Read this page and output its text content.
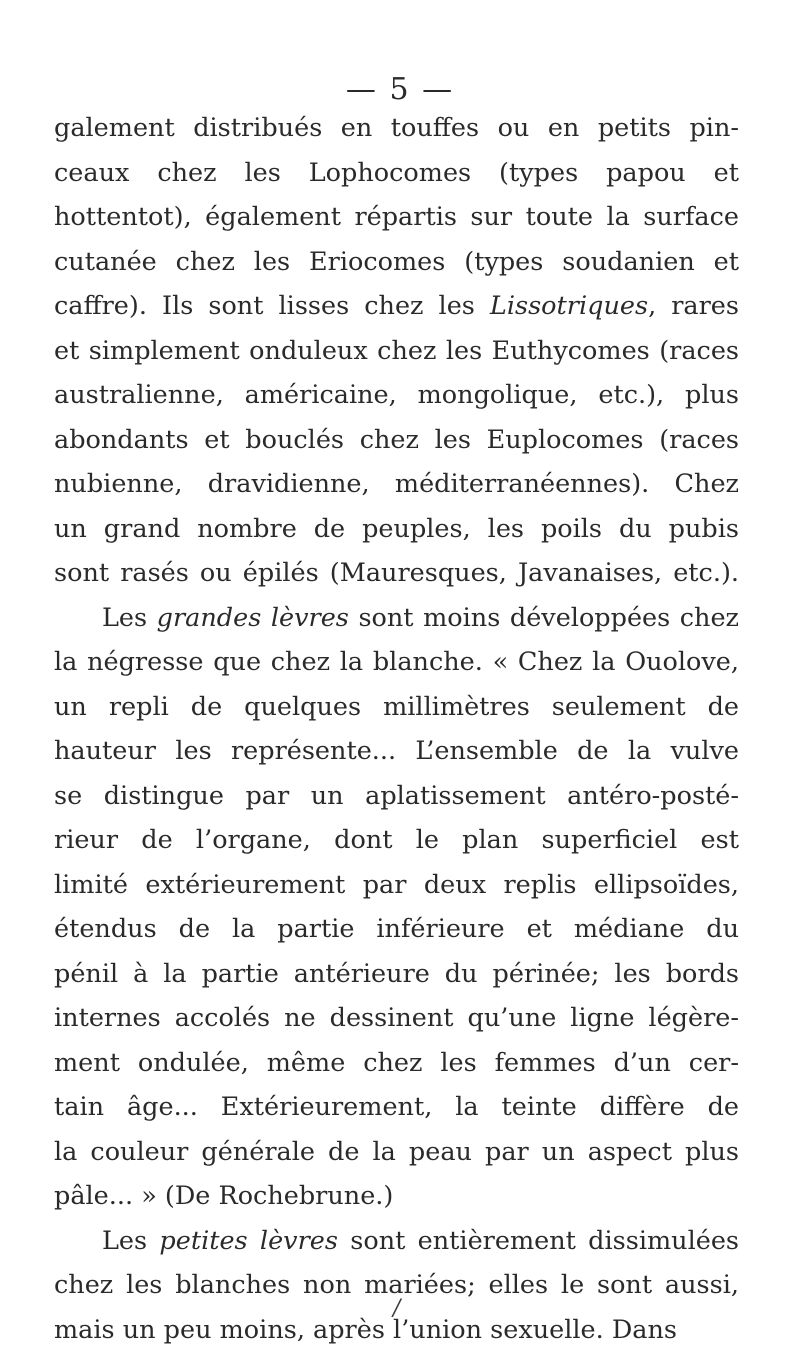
— 5 —
galement distribués en touffes ou en petits pin-
ceaux chez les Lophocomes (types papou et
hottentot), également répartis sur toute la surface
cutanée chez les Eriocomes (types soudanien et
caffre). Ils sont lisses chez les Lissotriques, rares
et simplement onduleux chez les Euthycomes (races
australienne, américaine, mongolique, etc.), plus
abondants et bouclés chez les Euplocomes (races
nubienne, dravidienne, méditerranéennes). Chez
un grand nombre de peuples, les poils du pubis
sont rasés ou épilés (Mauresques, Javanaises, etc.).
Les grandes lèvres sont moins développées chez
la négresse que chez la blanche. « Chez la Ouolove,
un repli de quelques millimètres seulement de
hauteur les représente... L’ensemble de la vulve
se distingue par un aplatissement antéro-posté-
rieur de l’organe, dont le plan superficiel est
limité extérieurement par deux replis ellipsoïdes,
étendus de la partie inférieure et médiane du
pénil à la partie antérieure du périnée; les bords
internes accolés ne dessinent qu’une ligne légère-
ment ondulée, même chez les femmes d’un cer-
tain âge... Extérieurement, la teinte diffère de
la couleur générale de la peau par un aspect plus
pâle... » (De Rochebrune.)
Les petites lèvres sont entièrement dissimulées
chez les blanches non mariées; elles le sont aussi,
mais un peu moins, après l’union sexuelle. Dans
/
